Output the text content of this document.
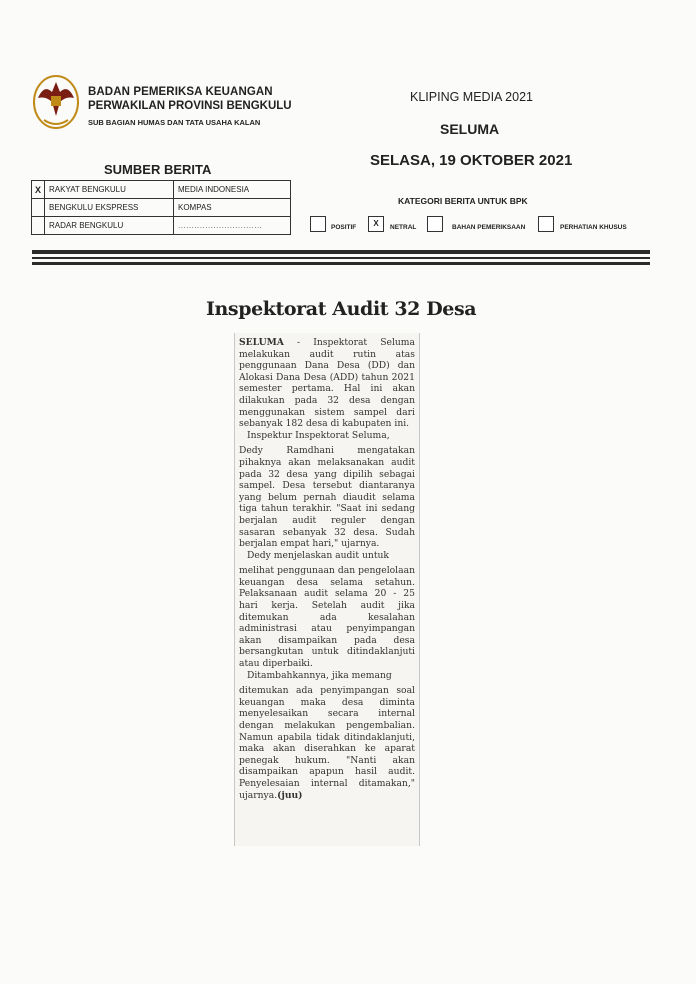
BADAN PEMERIKSA KEUANGAN
PERWAKILAN PROVINSI BENGKULU
SUB BAGIAN HUMAS DAN TATA USAHA KALAN
KLIPING MEDIA 2021
SELUMA
SELASA, 19 OKTOBER 2021
SUMBER BERITA
X	RAKYAT BENGKULU	MEDIA INDONESIA
	BENGKULU EKSPRESS	KOMPAS
	RADAR BENGKULU	...............................
KATEGORI BERITA UNTUK BPK
POSITIF	X	NETRAL	BAHAN PEMERIKSAAN	PERHATIAN KHUSUS
Inspektorat Audit 32 Desa

SELUMA - Inspektorat Seluma melakukan audit rutin atas penggunaan Dana Desa (DD) dan Alokasi Dana Desa (ADD) tahun 2021 semester pertama. Hal ini akan dilakukan pada 32 desa dengan menggunakan sistem sampel dari sebanyak 182 desa di kabupaten ini.

Inspektur Inspektorat Seluma,

Dedy Ramdhani mengatakan pihaknya akan melaksanakan audit pada 32 desa yang dipilih sebagai sampel. Desa tersebut diantaranya yang belum pernah diaudit selama tiga tahun terakhir. "Saat ini sedang berjalan audit reguler dengan sasaran sebanyak 32 desa. Sudah berjalan empat hari," ujarnya.

Dedy menjelaskan audit untuk

melihat penggunaan dan pengelolaan keuangan desa selama setahun. Pelaksanaan audit selama 20 - 25 hari kerja. Setelah audit jika ditemukan ada kesalahan administrasi atau penyimpangan akan disampaikan pada desa bersangkutan untuk ditindaklanjuti atau diperbaiki.

Ditambahkannya, jika memang

ditemukan ada penyimpangan soal keuangan maka desa diminta menyelesaikan secara internal dengan melakukan pengembalian. Namun apabila tidak ditindaklanjuti, maka akan diserahkan ke aparat penegak hukum. "Nanti akan disampaikan apapun hasil audit. Penyelesaian internal ditamakan," ujarnya.(juu)
